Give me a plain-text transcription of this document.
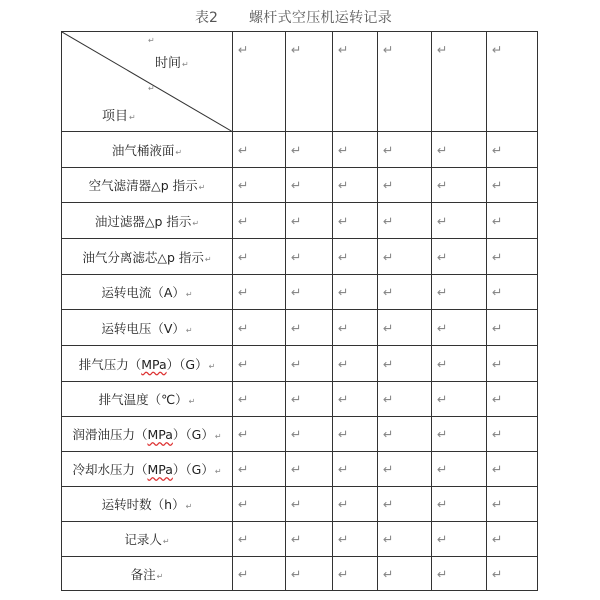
表2 螺杆式空压机运转记录
↵
时间↵
↵
项目↵	↵	↵	↵	↵	↵	↵

油气桶液面↵	↵	↵	↵	↵	↵	↵

空气滤清器△p 指示↵	↵	↵	↵	↵	↵	↵

油过滤器△p 指示↵	↵	↵	↵	↵	↵	↵

油气分离滤芯△p 指示↵	↵	↵	↵	↵	↵	↵

运转电流（A）↵	↵	↵	↵	↵	↵	↵

运转电压（V）↵	↵	↵	↵	↵	↵	↵

排气压力（MPa）（G）↵	↵	↵	↵	↵	↵	↵

排气温度（℃）↵	↵	↵	↵	↵	↵	↵

润滑油压力（MPa）（G）↵	↵	↵	↵	↵	↵	↵

冷却水压力（MPa）（G）↵	↵	↵	↵	↵	↵	↵

运转时数（h）↵	↵	↵	↵	↵	↵	↵

记录人↵	↵	↵	↵	↵	↵	↵

备注↵	↵	↵	↵	↵	↵	↵
